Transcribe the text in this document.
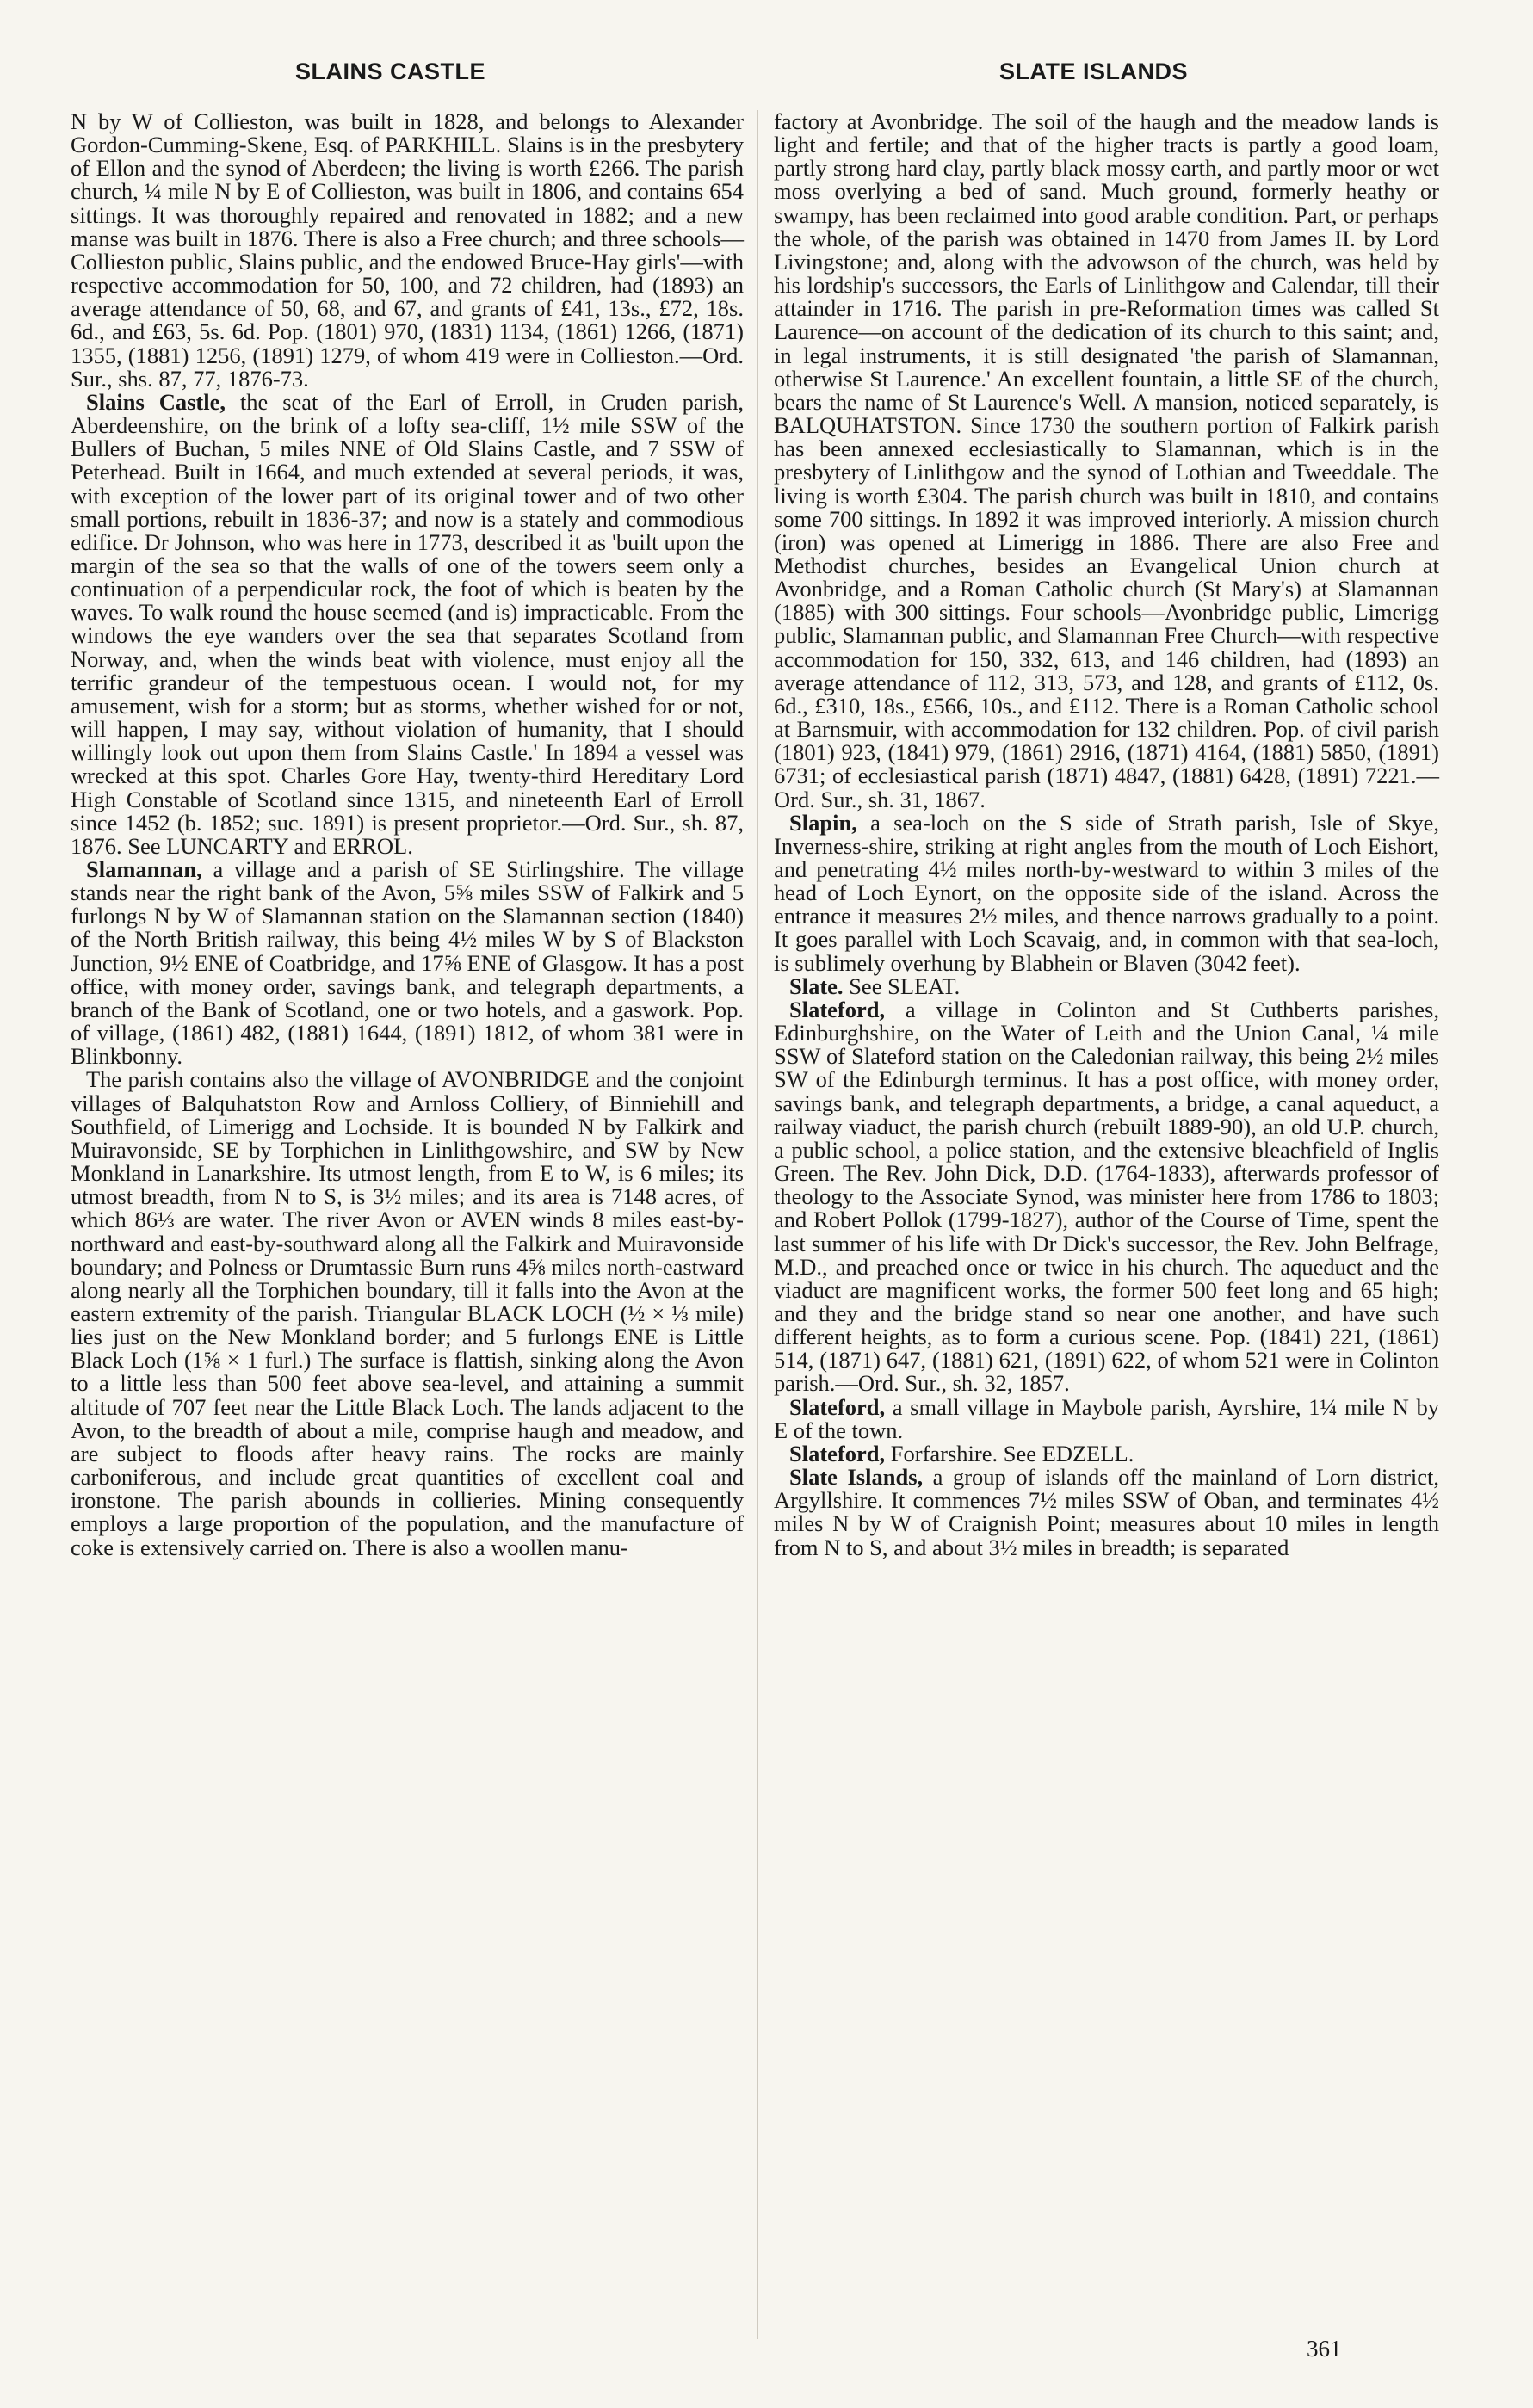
SLAINS CASTLE	SLATE ISLANDS

N by W of Collieston, was built in 1828, and belongs to Alexander Gordon-Cumming-Skene, Esq. of PARKHILL. Slains is in the presbytery of Ellon and the synod of Aberdeen; the living is worth £266. The parish church, ¼ mile N by E of Collieston, was built in 1806, and contains 654 sittings. It was thoroughly repaired and renovated in 1882; and a new manse was built in 1876. There is also a Free church; and three schools—Collieston public, Slains public, and the endowed Bruce-Hay girls'—with respective accommodation for 50, 100, and 72 children, had (1893) an average attendance of 50, 68, and 67, and grants of £41, 13s., £72, 18s. 6d., and £63, 5s. 6d. Pop. (1801) 970, (1831) 1134, (1861) 1266, (1871) 1355, (1881) 1256, (1891) 1279, of whom 419 were in Collieston.—Ord. Sur., shs. 87, 77, 1876-73.

Slains Castle, the seat of the Earl of Erroll, in Cruden parish, Aberdeenshire, on the brink of a lofty sea-cliff, 1½ mile SSW of the Bullers of Buchan, 5 miles NNE of Old Slains Castle, and 7 SSW of Peterhead. Built in 1664, and much extended at several periods, it was, with exception of the lower part of its original tower and of two other small portions, rebuilt in 1836-37; and now is a stately and commodious edifice. Dr Johnson, who was here in 1773, described it as 'built upon the margin of the sea so that the walls of one of the towers seem only a continuation of a perpendicular rock, the foot of which is beaten by the waves. To walk round the house seemed (and is) impracticable. From the windows the eye wanders over the sea that separates Scotland from Norway, and, when the winds beat with violence, must enjoy all the terrific grandeur of the tempestuous ocean. I would not, for my amusement, wish for a storm; but as storms, whether wished for or not, will happen, I may say, without violation of humanity, that I should willingly look out upon them from Slains Castle.' In 1894 a vessel was wrecked at this spot. Charles Gore Hay, twenty-third Hereditary Lord High Constable of Scotland since 1315, and nineteenth Earl of Erroll since 1452 (b. 1852; suc. 1891) is present proprietor.—Ord. Sur., sh. 87, 1876. See LUNCARTY and ERROL.

Slamannan, a village and a parish of SE Stirlingshire. The village stands near the right bank of the Avon, 5⅝ miles SSW of Falkirk and 5 furlongs N by W of Slamannan station on the Slamannan section (1840) of the North British railway, this being 4½ miles W by S of Blackston Junction, 9½ ENE of Coatbridge, and 17⅝ ENE of Glasgow. It has a post office, with money order, savings bank, and telegraph departments, a branch of the Bank of Scotland, one or two hotels, and a gaswork. Pop. of village, (1861) 482, (1881) 1644, (1891) 1812, of whom 381 were in Blinkbonny.

The parish contains also the village of AVONBRIDGE and the conjoint villages of Balquhatston Row and Arnloss Colliery, of Binniehill and Southfield, of Limerigg and Lochside. It is bounded N by Falkirk and Muiravonside, SE by Torphichen in Linlithgowshire, and SW by New Monkland in Lanarkshire. Its utmost length, from E to W, is 6 miles; its utmost breadth, from N to S, is 3½ miles; and its area is 7148 acres, of which 86⅓ are water. The river Avon or AVEN winds 8 miles east-by-northward and east-by-southward along all the Falkirk and Muiravonside boundary; and Polness or Drumtassie Burn runs 4⅝ miles north-eastward along nearly all the Torphichen boundary, till it falls into the Avon at the eastern extremity of the parish. Triangular BLACK LOCH (½ × ⅓ mile) lies just on the New Monkland border; and 5 furlongs ENE is Little Black Loch (1⅝ × 1 furl.) The surface is flattish, sinking along the Avon to a little less than 500 feet above sea-level, and attaining a summit altitude of 707 feet near the Little Black Loch. The lands adjacent to the Avon, to the breadth of about a mile, comprise haugh and meadow, and are subject to floods after heavy rains. The rocks are mainly carboniferous, and include great quantities of excellent coal and ironstone. The parish abounds in collieries. Mining consequently employs a large proportion of the population, and the manufacture of coke is extensively carried on. There is also a woollen manu-

factory at Avonbridge. The soil of the haugh and the meadow lands is light and fertile; and that of the higher tracts is partly a good loam, partly strong hard clay, partly black mossy earth, and partly moor or wet moss overlying a bed of sand. Much ground, formerly heathy or swampy, has been reclaimed into good arable condition. Part, or perhaps the whole, of the parish was obtained in 1470 from James II. by Lord Livingstone; and, along with the advowson of the church, was held by his lordship's successors, the Earls of Linlithgow and Calendar, till their attainder in 1716. The parish in pre-Reformation times was called St Laurence—on account of the dedication of its church to this saint; and, in legal instruments, it is still designated 'the parish of Slamannan, otherwise St Laurence.' An excellent fountain, a little SE of the church, bears the name of St Laurence's Well. A mansion, noticed separately, is BALQUHATSTON. Since 1730 the southern portion of Falkirk parish has been annexed ecclesiastically to Slamannan, which is in the presbytery of Linlithgow and the synod of Lothian and Tweeddale. The living is worth £304. The parish church was built in 1810, and contains some 700 sittings. In 1892 it was improved interiorly. A mission church (iron) was opened at Limerigg in 1886. There are also Free and Methodist churches, besides an Evangelical Union church at Avonbridge, and a Roman Catholic church (St Mary's) at Slamannan (1885) with 300 sittings. Four schools—Avonbridge public, Limerigg public, Slamannan public, and Slamannan Free Church—with respective accommodation for 150, 332, 613, and 146 children, had (1893) an average attendance of 112, 313, 573, and 128, and grants of £112, 0s. 6d., £310, 18s., £566, 10s., and £112. There is a Roman Catholic school at Barnsmuir, with accommodation for 132 children. Pop. of civil parish (1801) 923, (1841) 979, (1861) 2916, (1871) 4164, (1881) 5850, (1891) 6731; of ecclesiastical parish (1871) 4847, (1881) 6428, (1891) 7221.—Ord. Sur., sh. 31, 1867.

Slapin, a sea-loch on the S side of Strath parish, Isle of Skye, Inverness-shire, striking at right angles from the mouth of Loch Eishort, and penetrating 4½ miles north-by-westward to within 3 miles of the head of Loch Eynort, on the opposite side of the island. Across the entrance it measures 2½ miles, and thence narrows gradually to a point. It goes parallel with Loch Scavaig, and, in common with that sea-loch, is sublimely overhung by Blabhein or Blaven (3042 feet).

Slate. See SLEAT.

Slateford, a village in Colinton and St Cuthberts parishes, Edinburghshire, on the Water of Leith and the Union Canal, ¼ mile SSW of Slateford station on the Caledonian railway, this being 2½ miles SW of the Edinburgh terminus. It has a post office, with money order, savings bank, and telegraph departments, a bridge, a canal aqueduct, a railway viaduct, the parish church (rebuilt 1889-90), an old U.P. church, a public school, a police station, and the extensive bleachfield of Inglis Green. The Rev. John Dick, D.D. (1764-1833), afterwards professor of theology to the Associate Synod, was minister here from 1786 to 1803; and Robert Pollok (1799-1827), author of the Course of Time, spent the last summer of his life with Dr Dick's successor, the Rev. John Belfrage, M.D., and preached once or twice in his church. The aqueduct and the viaduct are magnificent works, the former 500 feet long and 65 high; and they and the bridge stand so near one another, and have such different heights, as to form a curious scene. Pop. (1841) 221, (1861) 514, (1871) 647, (1881) 621, (1891) 622, of whom 521 were in Colinton parish.—Ord. Sur., sh. 32, 1857.

Slateford, a small village in Maybole parish, Ayrshire, 1¼ mile N by E of the town.

Slateford, Forfarshire. See EDZELL.

Slate Islands, a group of islands off the mainland of Lorn district, Argyllshire. It commences 7½ miles SSW of Oban, and terminates 4½ miles N by W of Craignish Point; measures about 10 miles in length from N to S, and about 3½ miles in breadth; is separated

361
